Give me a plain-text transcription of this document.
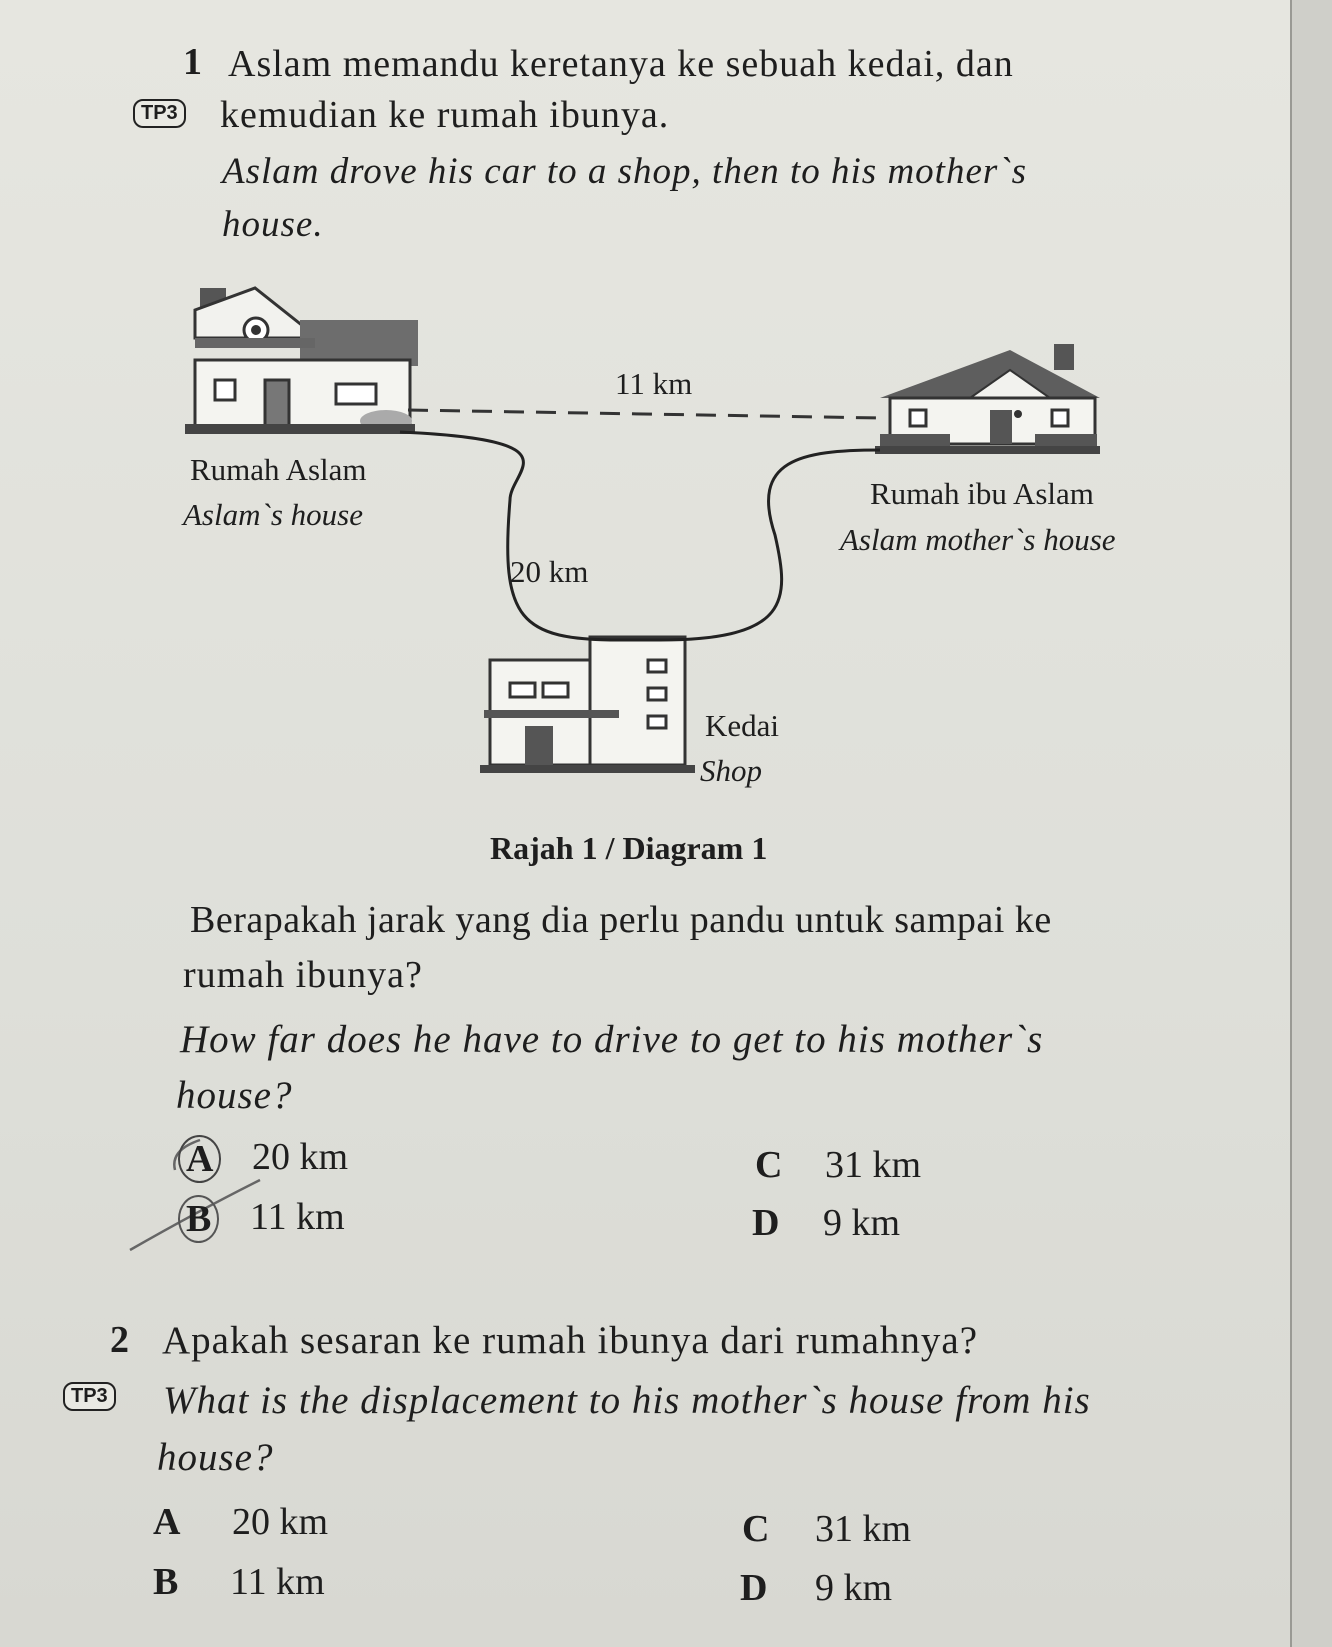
1 Aslam memandu keretanya ke sebuah kedai, dan
TP3 kemudian ke rumah ibunya.
Aslam drove his car to a shop, then to his mother`s
house.
11 km
Rumah Aslam
Aslam`s house
Rumah ibu Aslam
Aslam mother`s house
20 km
Kedai
Shop
Rajah 1 / Diagram 1
Berapakah jarak yang dia perlu pandu untuk sampai ke
rumah ibunya?
How far does he have to drive to get to his mother`s
house?
A 20 km
B 11 km
C 31 km
D 9 km
2 Apakah sesaran ke rumah ibunya dari rumahnya?
TP3 What is the displacement to his mother`s house from his
house?
A 20 km
B 11 km
C 31 km
D 9 km
